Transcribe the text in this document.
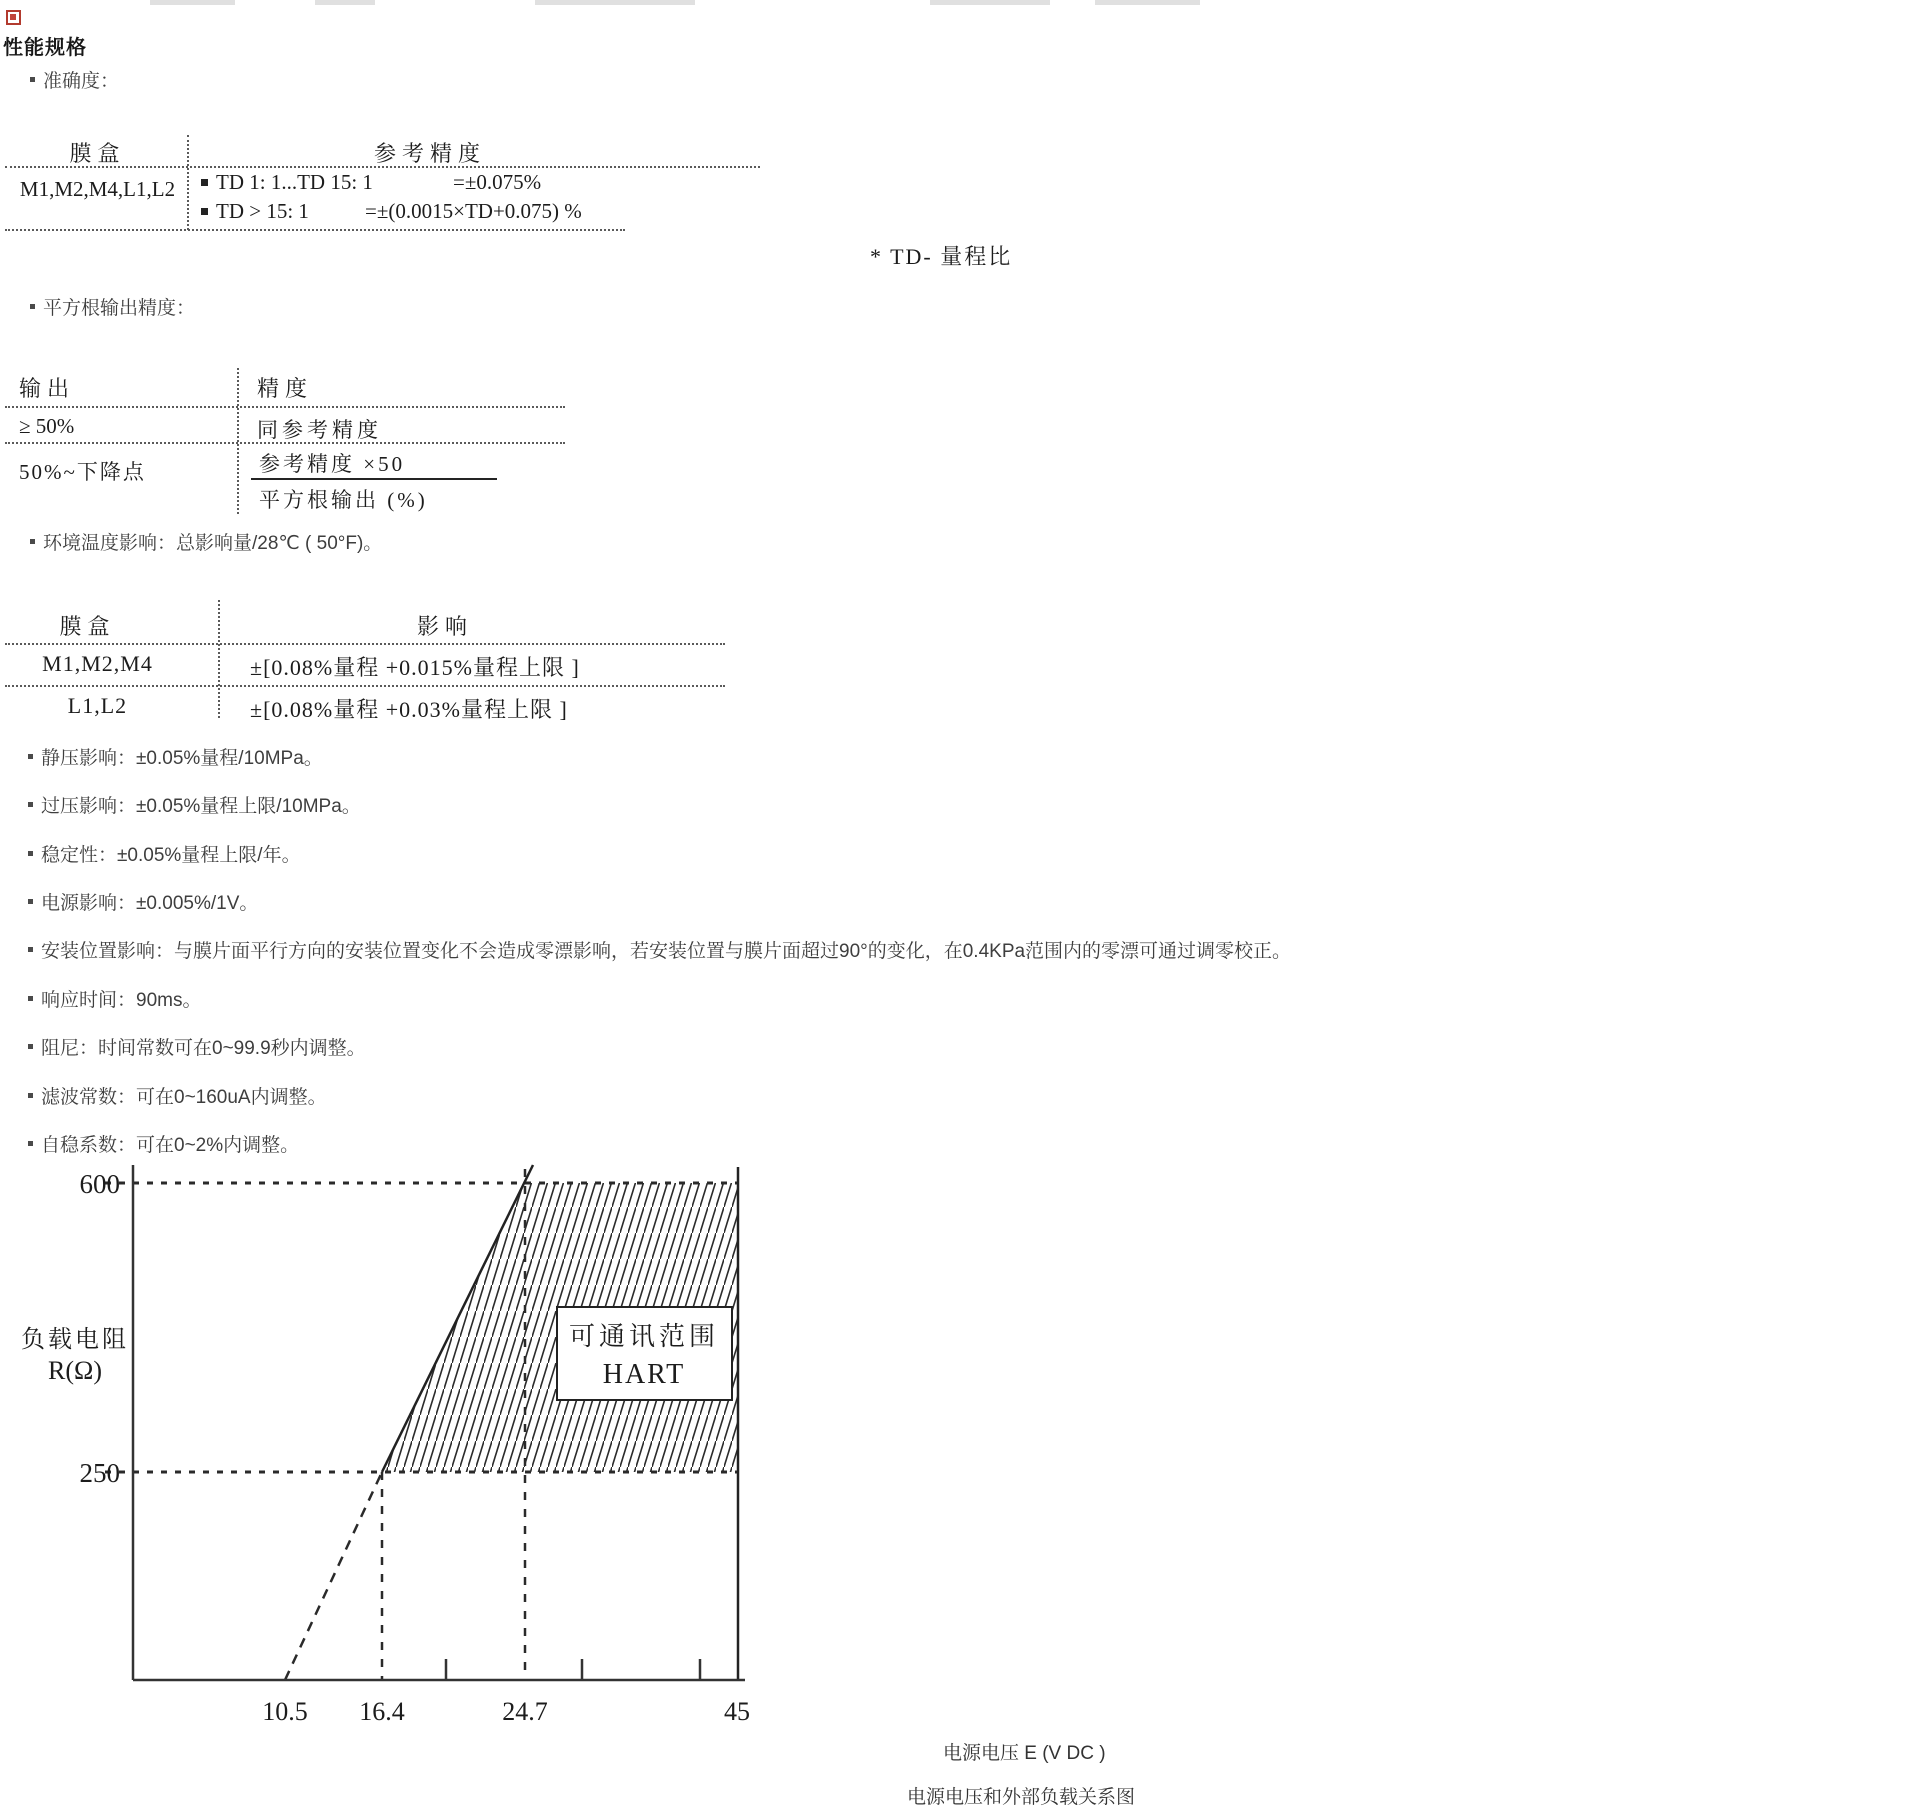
性能规格
准确度：
膜盒	参考精度
M1,M2,M4,L1,L2	TD 1: 1...TD 15: 1	=±0.075%
TD > 15: 1	=±(0.0015×TD+0.075) %
* TD- 量程比
平方根输出精度：
输出	精度
≥ 50%	同参考精度
50%~下降点	参考精度 ×50
平方根输出 (%)
环境温度影响：总影响量/28℃ ( 50°F)。
膜盒	影响
M1,M2,M4	±[0.08%量程 +0.015%量程上限 ]
L1,L2	±[0.08%量程 +0.03%量程上限 ]
静压影响：±0.05%量程/10MPa。
过压影响：±0.05%量程上限/10MPa。
稳定性：±0.05%量程上限/年。
电源影响：±0.005%/1V。
安装位置影响：与膜片面平行方向的安装位置变化不会造成零漂影响，若安装位置与膜片面超过90°的变化，在0.4KPa范围内的零漂可通过调零校正。
响应时间：90ms。
阻尼：时间常数可在0~99.9秒内调整。
滤波常数：可在0~160uA内调整。
自稳系数：可在0~2%内调整。
600
250
负载电阻
R(Ω)
10.5 16.4	24.7	45
可通讯范围
HART
电源电压 E (V DC )
电源电压和外部负载关系图
